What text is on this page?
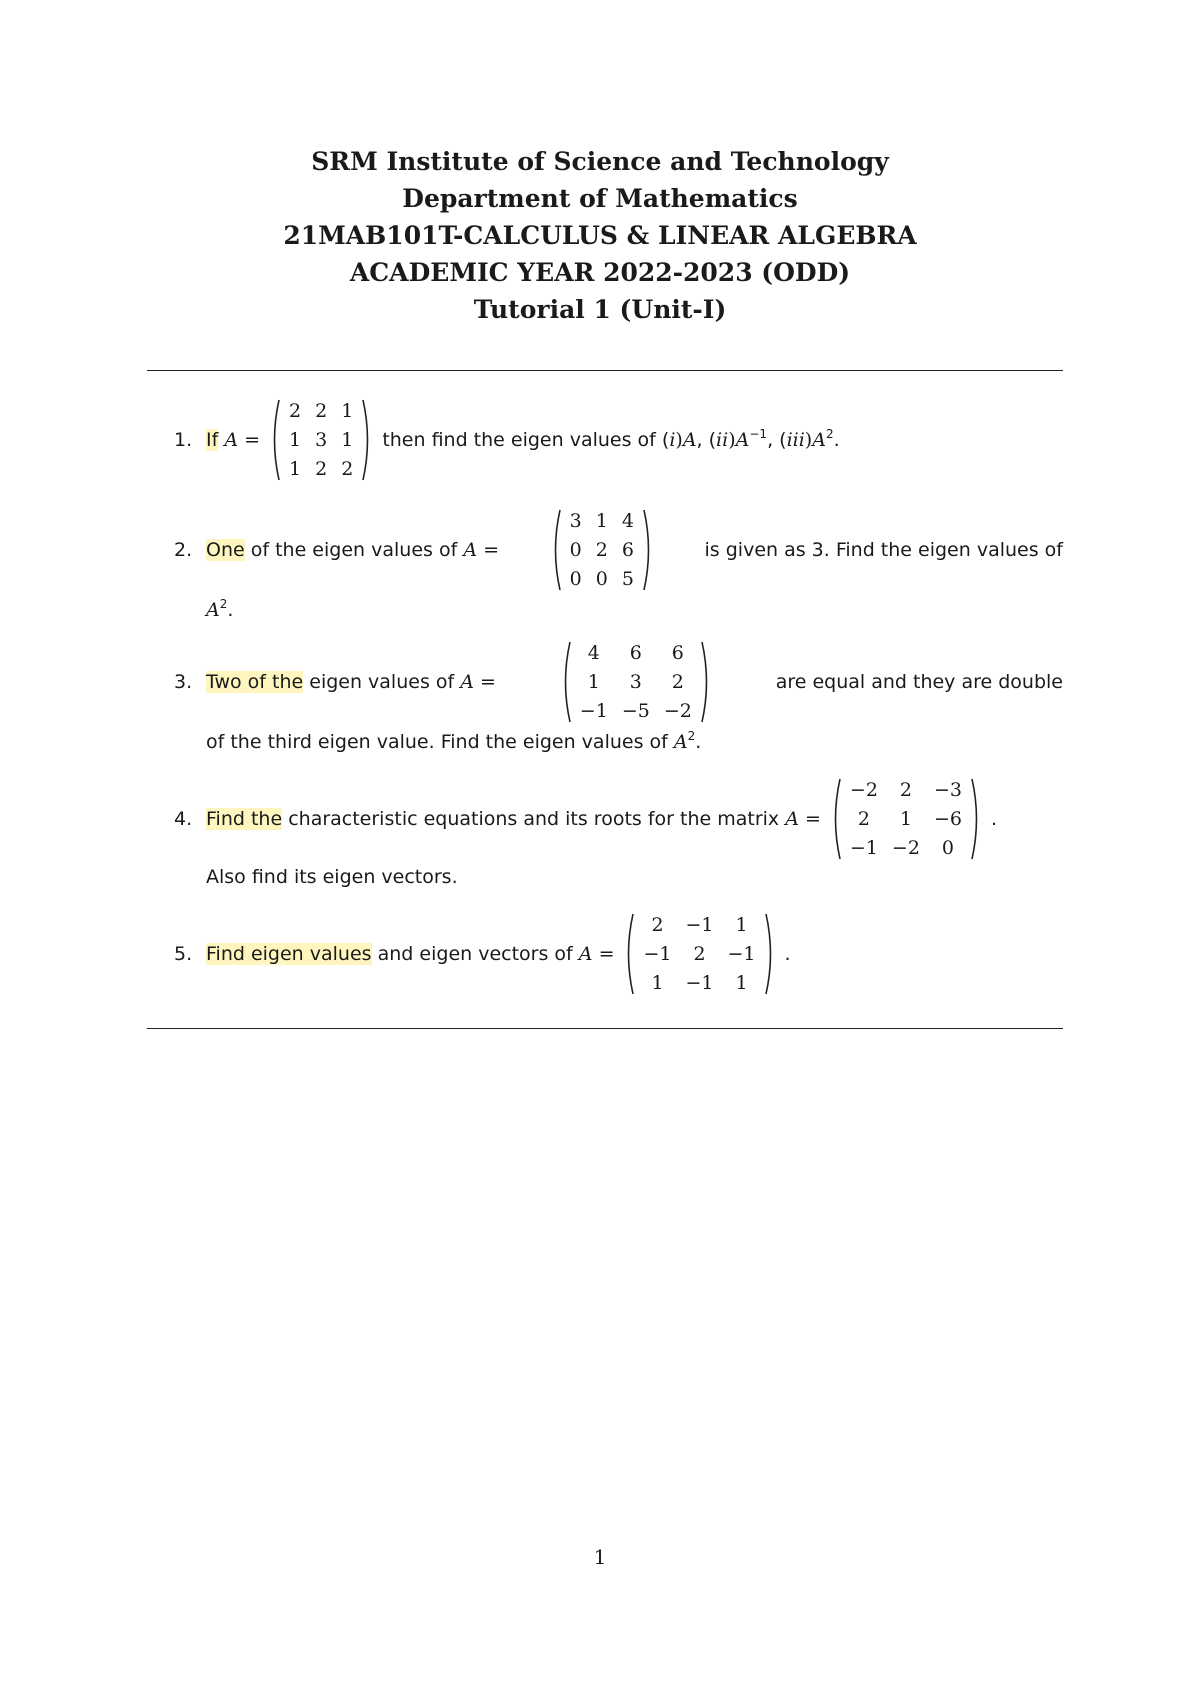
SRM Institute of Science and Technology
Department of Mathematics
21MAB101T-CALCULUS & LINEAR ALGEBRA
ACADEMIC YEAR 2022-2023 (ODD)
Tutorial 1 (Unit-I)
1. If
A =
2	2	1
1	3	1
1	2	2
then find the eigen values of (i)A, $(ii)A^{-1}$, $(iii)A^2$.
2. One
of the eigen values of
A
=
3	1	4
0	2	6
0	0	5
is given as 3. Find the eigen values of
$A^2$.
3. Two of the
eigen values of
A
=
4	6	6
1	3	2
−1	−5	−2
are equal and they are double
of the third eigen value. Find the eigen values of $A^2$.
4. Find the
characteristic equations and its roots for the matrix
A
=
−2	2	−3
2	1	−6
−1	−2	0
.
Also find its eigen vectors.
5. Find eigen values
and eigen vectors of
A
=
2	−1	1
−1	2	−1
1	−1	1
.
1
